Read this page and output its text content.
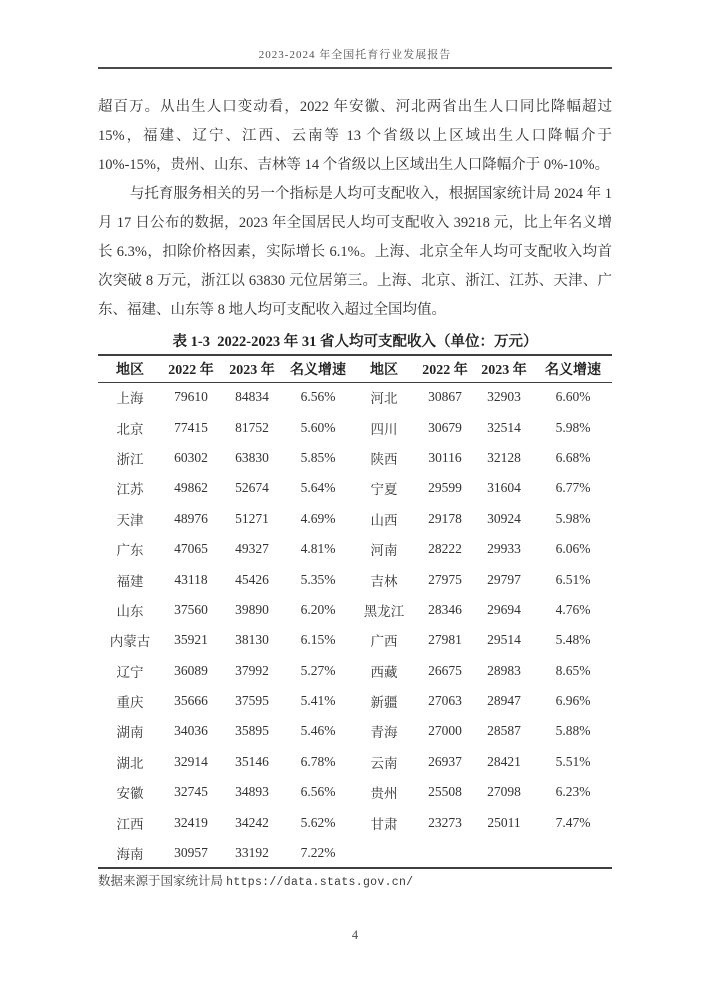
2023-2024 年全国托育行业发展报告

超百万。从出生人口变动看，2022 年安徽、河北两省出生人口同比降幅超过 15%，福建、辽宁、江西、云南等 13 个省级以上区域出生人口降幅介于 10%-15%，贵州、山东、吉林等 14 个省级以上区域出生人口降幅介于 0%-10%。

与托育服务相关的另一个指标是人均可支配收入，根据国家统计局 2024 年 1 月 17 日公布的数据，2023 年全国居民人均可支配收入 39218 元，比上年名义增长 6.3%，扣除价格因素，实际增长 6.1%。上海、北京全年人均可支配收入均首次突破 8 万元，浙江以 63830 元位居第三。上海、北京、浙江、江苏、天津、广东、福建、山东等 8 地人均可支配收入超过全国均值。

表 1-3  2022-2023 年 31 省人均可支配收入（单位：万元）
地区	2022 年	2023 年	名义增速	地区	2022 年	2023 年	名义增速
上海	79610	84834	6.56%	河北	30867	32903	6.60%
北京	77415	81752	5.60%	四川	30679	32514	5.98%
浙江	60302	63830	5.85%	陕西	30116	32128	6.68%
江苏	49862	52674	5.64%	宁夏	29599	31604	6.77%
天津	48976	51271	4.69%	山西	29178	30924	5.98%
广东	47065	49327	4.81%	河南	28222	29933	6.06%
福建	43118	45426	5.35%	吉林	27975	29797	6.51%
山东	37560	39890	6.20%	黑龙江	28346	29694	4.76%
内蒙古	35921	38130	6.15%	广西	27981	29514	5.48%
辽宁	36089	37992	5.27%	西藏	26675	28983	8.65%
重庆	35666	37595	5.41%	新疆	27063	28947	6.96%
湖南	34036	35895	5.46%	青海	27000	28587	5.88%
湖北	32914	35146	6.78%	云南	26937	28421	5.51%
安徽	32745	34893	6.56%	贵州	25508	27098	6.23%
江西	32419	34242	5.62%	甘肃	23273	25011	7.47%
海南	30957	33192	7.22%				
数据来源于国家统计局 https://data.stats.gov.cn/
4
